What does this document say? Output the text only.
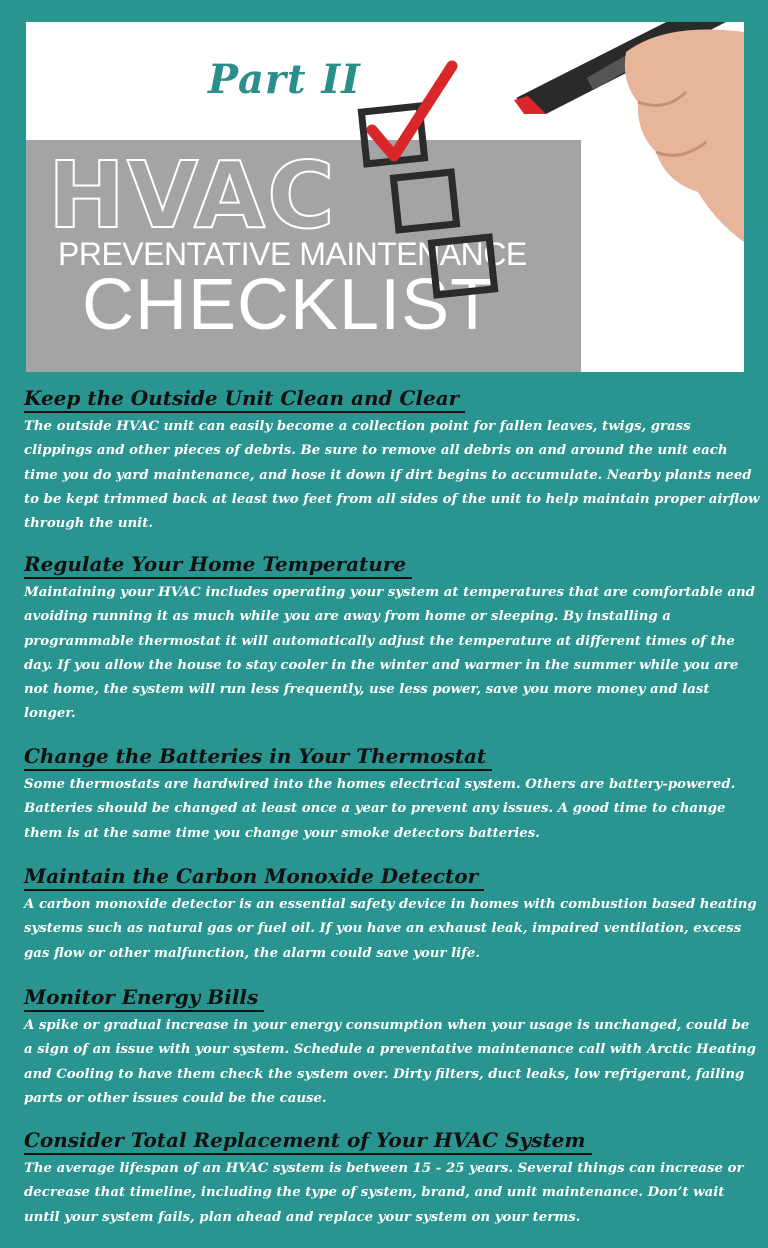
Part II
HVAC
PREVENTATIVE MAINTENANCE
CHECKLIST
Keep the Outside Unit Clean and Clear
The outside HVAC unit can easily become a collection point for fallen leaves, twigs, grass clippings and other pieces of debris. Be sure to remove all debris on and around the unit each time you do yard maintenance, and hose it down if dirt begins to accumulate. Nearby plants need to be kept trimmed back at least two feet from all sides of the unit to help maintain proper airflow through the unit.
Regulate Your Home Temperature
Maintaining your HVAC includes operating your system at temperatures that are comfortable and avoiding running it as much while you are away from home or sleeping. By installing a programmable thermostat it will automatically adjust the temperature at different times of the day. If you allow the house to stay cooler in the winter and warmer in the summer while you are not home, the system will run less frequently, use less power, save you more money and last longer.
Change the Batteries in Your Thermostat
Some thermostats are hardwired into the homes electrical system. Others are battery-powered. Batteries should be changed at least once a year to prevent any issues. A good time to change them is at the same time you change your smoke detectors batteries.
Maintain the Carbon Monoxide Detector
A carbon monoxide detector is an essential safety device in homes with combustion based heating systems such as natural gas or fuel oil. If you have an exhaust leak, impaired ventilation, excess gas flow or other malfunction, the alarm could save your life.
Monitor Energy Bills
A spike or gradual increase in your energy consumption when your usage is unchanged, could be a sign of an issue with your system. Schedule a preventative maintenance call with Arctic Heating and Cooling to have them check the system over. Dirty filters, duct leaks, low refrigerant, failing parts or other issues could be the cause.
Consider Total Replacement of Your HVAC System
The average lifespan of an HVAC system is between 15 - 25 years. Several things can increase or decrease that timeline, including the type of system, brand, and unit maintenance. Don’t wait until your system fails, plan ahead and replace your system on your terms.
